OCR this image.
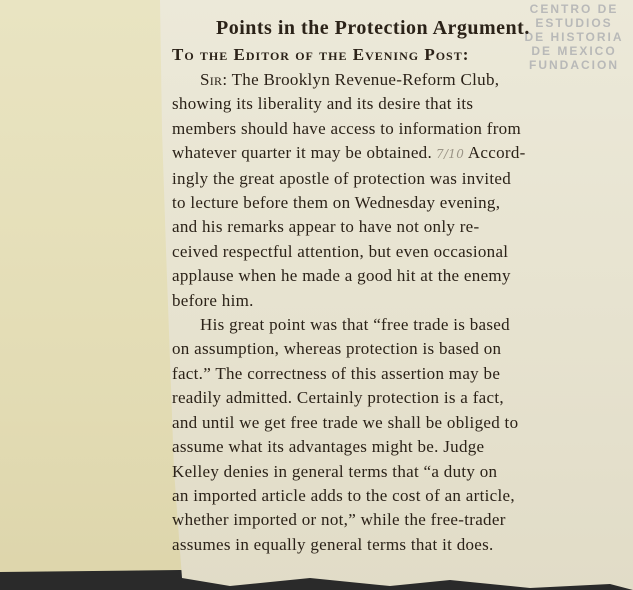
CENTRO DE
ESTUDIOS
DE HISTORIA
DE MEXICO
FUNDACION
Points in the Protection Argument.
To the Editor of the Evening Post:
Sir: The Brooklyn Revenue-Reform Club,
showing its liberality and its desire that its
members should have access to information from
whatever quarter it may be obtained. 7/10 Accord-
ingly the great apostle of protection was invited
to lecture before them on Wednesday evening,
and his remarks appear to have not only re-
ceived respectful attention, but even occasional
applause when he made a good hit at the enemy
before him.
His great point was that “free trade is based
on assumption, whereas protection is based on
fact.” The correctness of this assertion may be
readily admitted. Certainly protection is a fact,
and until we get free trade we shall be obliged to
assume what its advantages might be. Judge
Kelley denies in general terms that “a duty on
an imported article adds to the cost of an article,
whether imported or not,” while the free-trader
assumes in equally general terms that it does.
